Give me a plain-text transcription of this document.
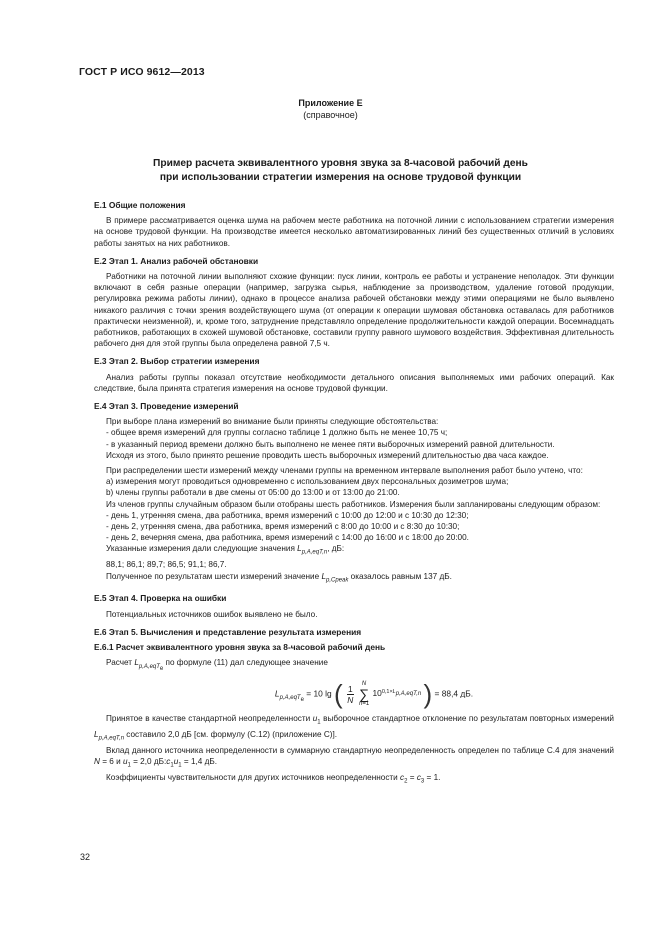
ГОСТ Р ИСО 9612—2013
Приложение Е
(справочное)
Пример расчета эквивалентного уровня звука за 8-часовой рабочий день
при использовании стратегии измерения на основе трудовой функции

Е.1 Общие положения

В примере рассматривается оценка шума на рабочем месте работника на поточной линии с использованием стратегии измерения на основе трудовой функции. На производстве имеется несколько автоматизированных линий без существенных отличий в условиях работы занятых на них работников.

Е.2 Этап 1. Анализ рабочей обстановки

Работники на поточной линии выполняют схожие функции: пуск линии, контроль ее работы и устранение неполадок. Эти функции включают в себя разные операции (например, загрузка сырья, наблюдение за производством, удаление готовой продукции, регулировка режима работы линии), однако в процессе анализа рабочей обстановки между этими операциями не было выявлено никакого различия с точки зрения воздействующего шума (от операции к операции шумовая обстановка оставалась для работников практически неизменной), и, кроме того, затруднение представляло определение продолжительности каждой операции. Восемнадцать работников, работающих в схожей шумовой обстановке, составили группу равного шумового воздействия. Эффективная длительность рабочего дня для этой группы была определена равной 7,5 ч.

Е.3 Этап 2. Выбор стратегии измерения

Анализ работы группы показал отсутствие необходимости детального описания выполняемых ими рабочих операций. Как следствие, была принята стратегия измерения на основе трудовой функции.

Е.4 Этап 3. Проведение измерений

При выборе плана измерений во внимание были приняты следующие обстоятельства:

- общее время измерений для группы согласно таблице 1 должно быть не менее 10,75 ч;

- в указанный период времени должно быть выполнено не менее пяти выборочных измерений равной длительности.

Исходя из этого, было принято решение проводить шесть выборочных измерений длительностью два часа каждое.

При распределении шести измерений между членами группы на временном интервале выполнения работ было учтено, что:

a) измерения могут проводиться одновременно с использованием двух персональных дозиметров шума;

b) члены группы работали в две смены от 05:00 до 13:00 и от 13:00 до 21:00.

Из членов группы случайным образом были отобраны шесть работников. Измерения были запланированы следующим образом:

- день 1, утренняя смена, два работника, время измерений с 10:00 до 12:00 и с 10:30 до 12:30;

- день 2, утренняя смена, два работника, время измерений с 8:00 до 10:00 и с 8:30 до 10:30;

- день 2, вечерняя смена, два работника, время измерений с 14:00 до 16:00 и с 18:00 до 20:00.

Указанные измерения дали следующие значения $L_{p,A,eqT,n}$, дБ:

88,1; 86,1; 89,7; 86,5; 91,1; 86,7.

Полученное по результатам шести измерений значение $L_{p,Cpeak}$ оказалось равным 137 дБ.

Е.5 Этап 4. Проверка на ошибки

Потенциальных источников ошибок выявлено не было.

Е.6 Этап 5. Вычисления и представление результата измерения

Е.6.1 Расчет эквивалентного уровня звука за 8-часовой рабочий день

Расчет $L_{p,A,eqT_e}$ по формуле (11) дал следующее значение

$L_{p,A,eqT_e} = 10$ lg ( $\frac{1}{N}$ N
∑
n=1 $10^{0,1\times L_{p,A,eqT,n}}$ ) = 88,4 дБ.

Принятое в качестве стандартной неопределенности $u_1$ выборочное стандартное отклонение по результатам повторных измерений $L_{p,A,eqT,n}$ составило 2,0 дБ [см. формулу (С.12) (приложение С)].

Вклад данного источника неопределенности в суммарную стандартную неопределенность определен по таблице С.4 для значений N = 6 и $u_1 = 2,0$ $дБ:c_1u_1 = 1,4$ дБ.

Коэффициенты чувствительности для других источников неопределенности $c_2 = c_3 = 1$.

32
